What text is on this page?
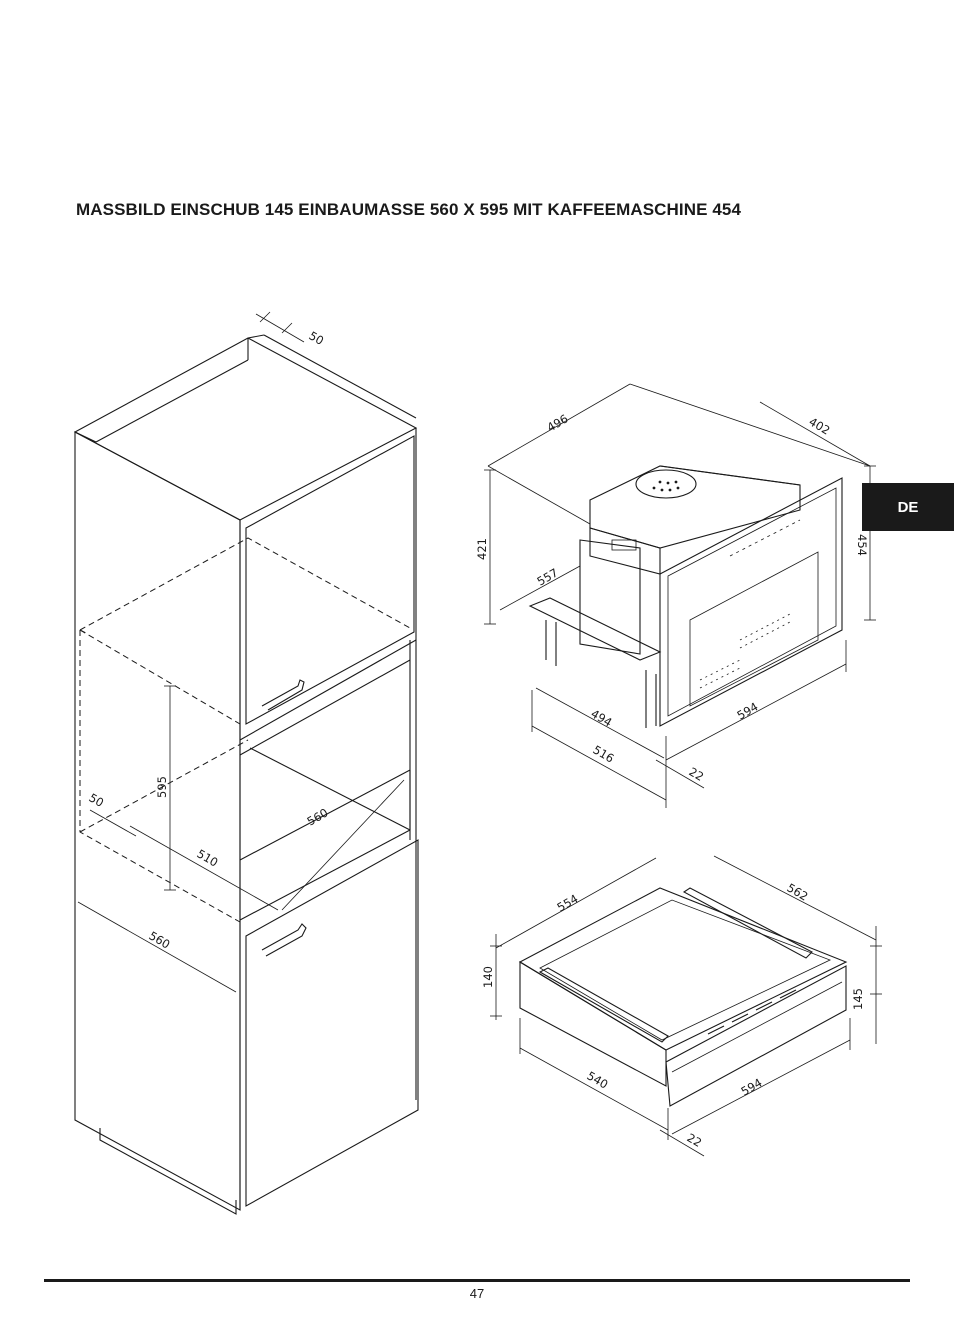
MASSBILD EINSCHUB 145 EINBAUMASSE 560 X 595 MIT KAFFEEMASCHINE 454
DE
50
595
50
510
560
560
496	402
421	454
557
494
516
594
22
554	562
140
145
540	594
22
47
